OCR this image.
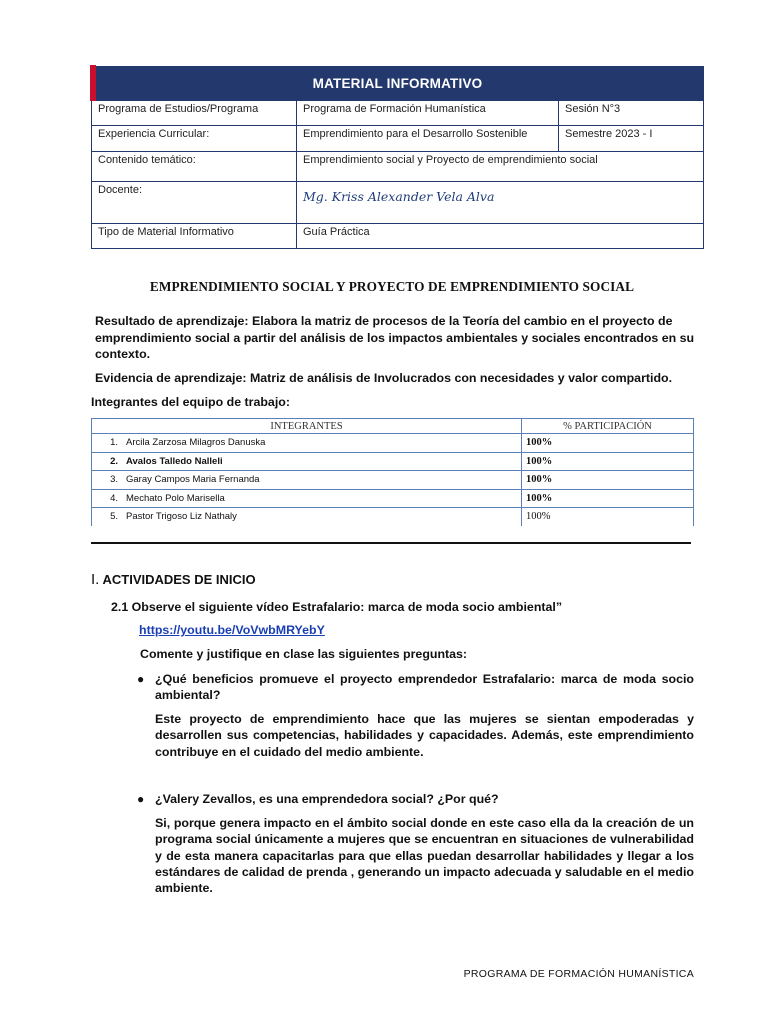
MATERIAL INFORMATIVO
Programa de Estudios/Programa	Programa de Formación Humanística	Sesión N°3
Experiencia Curricular:	Emprendimiento para el Desarrollo Sostenible	Semestre 2023 - I
Contenido temático:	Emprendimiento social y Proyecto de emprendimiento social
Docente:	Mg. Kriss Alexander Vela Alva
Tipo de Material Informativo	Guía Práctica
EMPRENDIMIENTO SOCIAL Y PROYECTO DE EMPRENDIMIENTO SOCIAL
Resultado de aprendizaje: Elabora la matriz de procesos de la Teoría del cambio en el proyecto de emprendimiento social a partir del análisis de los impactos ambientales y sociales encontrados en su contexto.
Evidencia de aprendizaje: Matriz de análisis de Involucrados con necesidades y valor compartido.
Integrantes del equipo de trabajo:
INTEGRANTES	% PARTICIPACIÓN
1. Arcila Zarzosa Milagros Danuska	100%
2. Avalos Talledo Nalleli	100%
3. Garay Campos Maria Fernanda	100%
4. Mechato Polo Marisella	100%
5. Pastor Trigoso Liz Nathaly	100%
I. ACTIVIDADES DE INICIO
2.1 Observe el siguiente vídeo Estrafalario: marca de moda socio ambiental”
https://youtu.be/VoVwbMRYebY
Comente y justifique en clase las siguientes preguntas:
● ¿Qué beneficios promueve el proyecto emprendedor Estrafalario: marca de moda socio ambiental?
Este proyecto de emprendimiento hace que las mujeres se sientan empoderadas y desarrollen sus competencias, habilidades y capacidades. Además, este emprendimiento contribuye en el cuidado del medio ambiente.
● ¿Valery Zevallos, es una emprendedora social? ¿Por qué?
Si, porque genera impacto en el ámbito social donde en este caso ella da la creación de un programa social únicamente a mujeres que se encuentran en situaciones de vulnerabilidad y de esta manera capacitarlas para que ellas puedan desarrollar habilidades y llegar a los estándares de calidad de prenda , generando un impacto adecuada y saludable en el medio ambiente.
PROGRAMA DE FORMACIÓN HUMANÍSTICA
